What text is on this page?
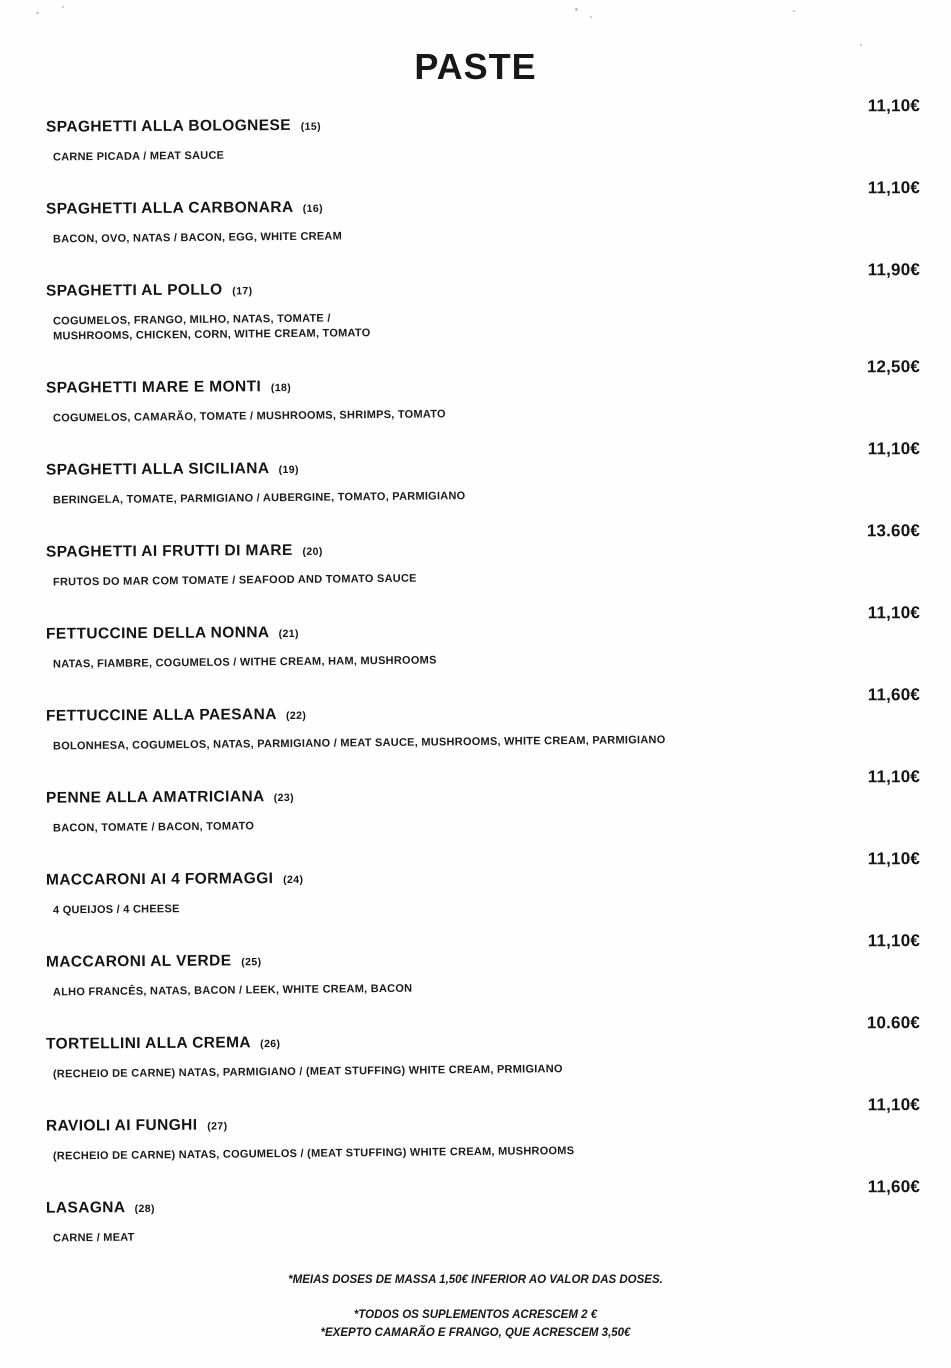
PASTE
11,10€
SPAGHETTI ALLA BOLOGNESE (15)
CARNE PICADA / MEAT SAUCE
11,10€
SPAGHETTI ALLA CARBONARA (16)
BACON, OVO, NATAS / BACON, EGG, WHITE CREAM
11,90€
SPAGHETTI AL POLLO (17)
COGUMELOS, FRANGO, MILHO, NATAS, TOMATE /
MUSHROOMS, CHICKEN, CORN, WITHE CREAM, TOMATO
12,50€
SPAGHETTI MARE E MONTI (18)
COGUMELOS, CAMARÃO, TOMATE / MUSHROOMS, SHRIMPS, TOMATO
11,10€
SPAGHETTI ALLA SICILIANA (19)
BERINGELA, TOMATE, PARMIGIANO / AUBERGINE, TOMATO, PARMIGIANO
13.60€
SPAGHETTI AI FRUTTI DI MARE (20)
FRUTOS DO MAR COM TOMATE / SEAFOOD AND TOMATO SAUCE
11,10€
FETTUCCINE DELLA NONNA (21)
NATAS, FIAMBRE, COGUMELOS / WITHE CREAM, HAM, MUSHROOMS
11,60€
FETTUCCINE ALLA PAESANA (22)
BOLONHESA, COGUMELOS, NATAS, PARMIGIANO / MEAT SAUCE, MUSHROOMS, WHITE CREAM, PARMIGIANO
11,10€
PENNE ALLA AMATRICIANA (23)
BACON, TOMATE / BACON, TOMATO
11,10€
MACCARONI AI 4 FORMAGGI (24)
4 QUEIJOS / 4 CHEESE
11,10€
MACCARONI AL VERDE (25)
ALHO FRANCÊS, NATAS, BACON / LEEK, WHITE CREAM, BACON
10.60€
TORTELLINI ALLA CREMA (26)
(RECHEIO DE CARNE) NATAS, PARMIGIANO / (MEAT STUFFING) WHITE CREAM, PRMIGIANO
11,10€
RAVIOLI AI FUNGHI (27)
(RECHEIO DE CARNE) NATAS, COGUMELOS / (MEAT STUFFING) WHITE CREAM, MUSHROOMS
11,60€
LASAGNA (28)
CARNE / MEAT
*MEIAS DOSES DE MASSA 1,50€ INFERIOR AO VALOR DAS DOSES.
*TODOS OS SUPLEMENTOS ACRESCEM 2 €
*EXEPTO CAMARÃO E FRANGO, QUE ACRESCEM 3,50€
